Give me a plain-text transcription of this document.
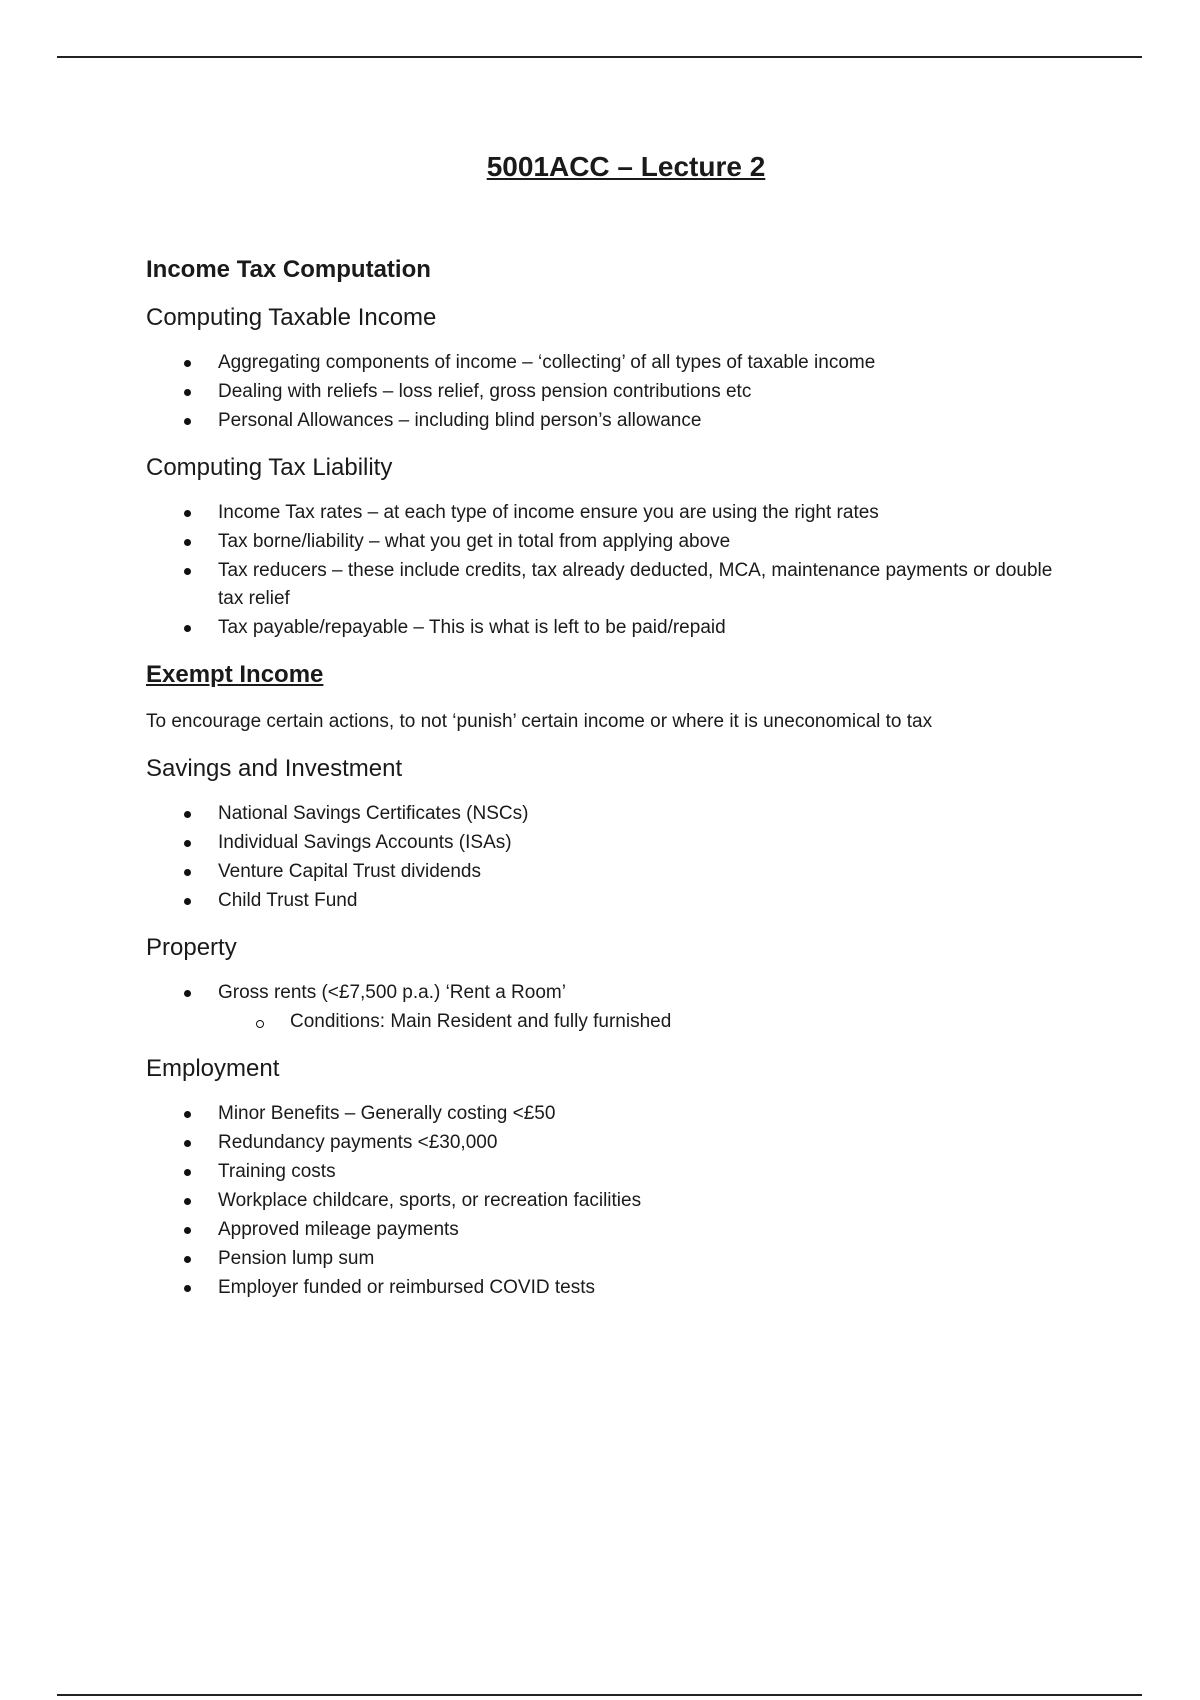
5001ACC – Lecture 2
Income Tax Computation
Computing Taxable Income
Aggregating components of income – ‘collecting’ of all types of taxable income
Dealing with reliefs – loss relief, gross pension contributions etc
Personal Allowances – including blind person’s allowance
Computing Tax Liability
Income Tax rates – at each type of income ensure you are using the right rates
Tax borne/liability – what you get in total from applying above
Tax reducers – these include credits, tax already deducted, MCA, maintenance payments or double tax relief
Tax payable/repayable – This is what is left to be paid/repaid
Exempt Income

To encourage certain actions, to not ‘punish’ certain income or where it is uneconomical to tax

Savings and Investment
National Savings Certificates (NSCs)
Individual Savings Accounts (ISAs)
Venture Capital Trust dividends
Child Trust Fund
Property
Gross rents (<£7,500 p.a.) ‘Rent a Room’
Conditions: Main Resident and fully furnished
Employment
Minor Benefits – Generally costing <£50
Redundancy payments <£30,000
Training costs
Workplace childcare, sports, or recreation facilities
Approved mileage payments
Pension lump sum
Employer funded or reimbursed COVID tests
